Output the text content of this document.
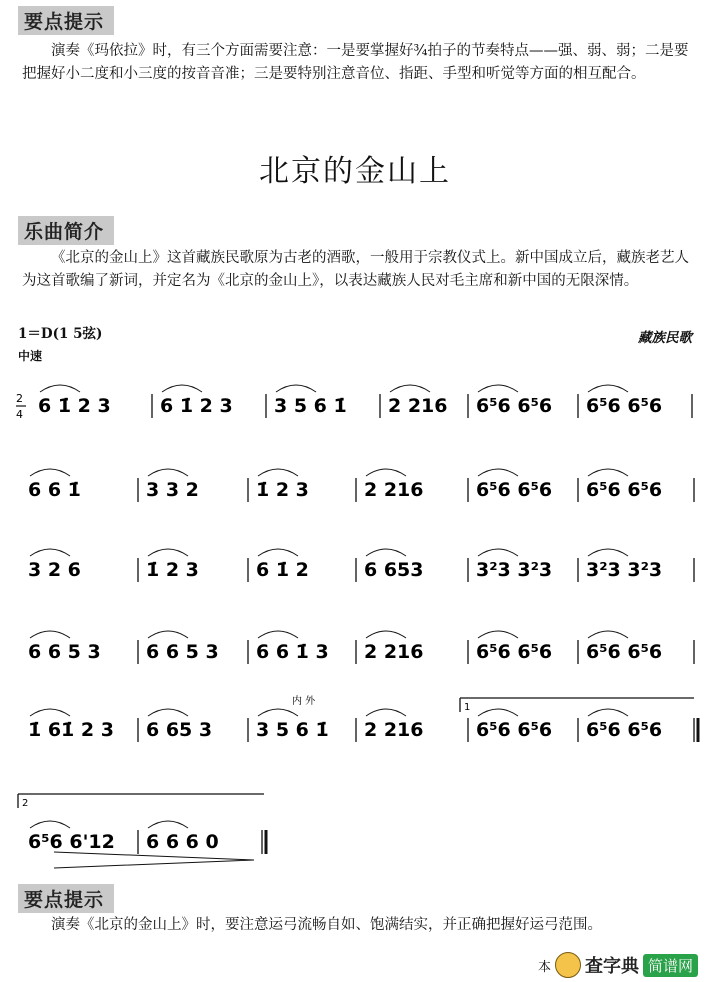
要点提示
演奏《玛依拉》时，有三个方面需要注意：一是要掌握好¾拍子的节奏特点——强、弱、弱；二是要把握好小二度和小三度的按音音准；三是要特别注意音位、指距、手型和听觉等方面的相互配合。
北京的金山上
乐曲简介
《北京的金山上》这首藏族民歌原为古老的酒歌，一般用于宗教仪式上。新中国成立后，藏族老艺人为这首歌编了新词，并定名为《北京的金山上》，以表达藏族人民对毛主席和新中国的无限深情。
1＝D(1 5弦)	藏族民歌
中速
2
4 6 1̇ 2 3	6 1̇ 2 3 3 5 6 1̇ 2 216 6⁵6 6⁵6 6⁵6 6⁵6
6 6 1̇	3 3 2	1̇ 2 3	2 216	6⁵6 6⁵6 6⁵6 6⁵6
3 2 6	1̇ 2 3	6 1̇ 2	6 653	3²3 3²3 3²3 3²3
6 6 5 3 6 6 5 3 6 6 1̇ 3 2 216	6⁵6 6⁵6 6⁵6 6⁵6
内 外
1
1̇ 61̇ 2 3 6 65 3 3 5 6 1̇ 2 216	6⁵6 6⁵6 6⁵6 6⁵6
2
6⁵6 6'12 6 6 6 0
要点提示
演奏《北京的金山上》时，要注意运弓流畅自如、饱满结实，并正确把握好运弓范围。
本 查字典 简谱网
